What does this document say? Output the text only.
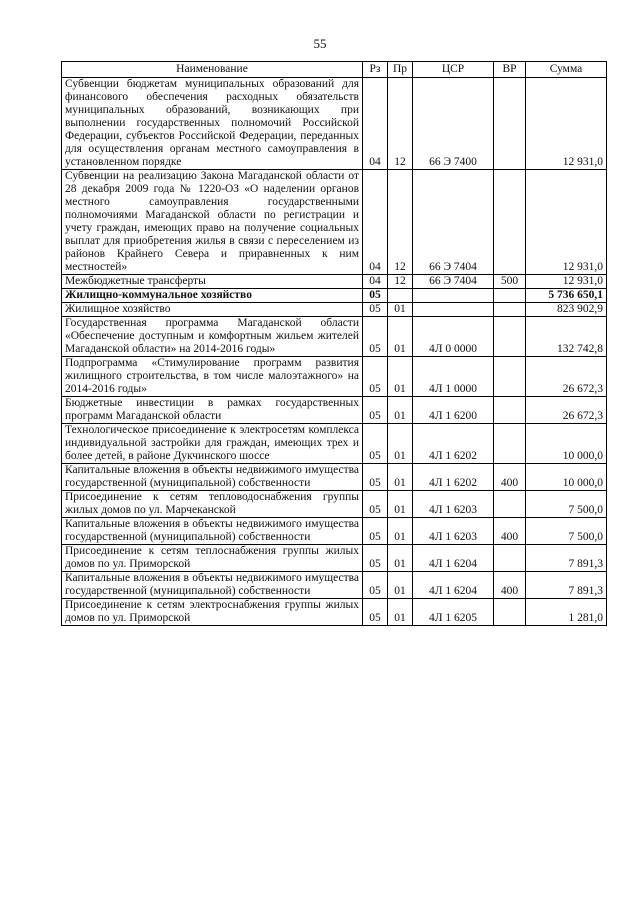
55
Наименование	Рз	Пр	ЦСР	ВР	Сумма
Субвенции бюджетам муниципальных образований для финансового обеспечения расходных обязательств муниципальных образований, возникающих при выполнении государственных полномочий Российской Федерации, субъектов Российской Федерации, переданных для осуществления органам местного самоуправления в установленном порядке	04	12	66 Э 7400		12 931,0
Субвенции на реализацию Закона Магаданской области от 28 декабря 2009 года № 1220-ОЗ «О наделении органов местного самоуправления государственными полномочиями Магаданской области по регистрации и учету граждан, имеющих право на получение социальных выплат для приобретения жилья в связи с переселением из районов Крайнего Севера и приравненных к ним местностей»	04	12	66 Э 7404		12 931,0
Межбюджетные трансферты	04	12	66 Э 7404	500	12 931,0
Жилищно-коммунальное хозяйство	05				5 736 650,1
Жилищное хозяйство	05	01			823 902,9
Государственная программа Магаданской области «Обеспечение доступным и комфортным жильем жителей Магаданской области» на 2014-2016 годы»	05	01	4Л 0 0000		132 742,8
Подпрограмма «Стимулирование программ развития жилищного строительства, в том числе малоэтажного» на 2014-2016 годы»	05	01	4Л 1 0000		26 672,3
Бюджетные инвестиции в рамках государственных программ Магаданской области	05	01	4Л 1 6200		26 672,3
Технологическое присоединение к электросетям комплекса индивидуальной застройки для граждан, имеющих трех и более детей, в районе Дукчинского шоссе	05	01	4Л 1 6202		10 000,0
Капитальные вложения в объекты недвижимого имущества государственной (муниципальной) собственности	05	01	4Л 1 6202	400	10 000,0
Присоединение к сетям тепловодоснабжения группы жилых домов по ул. Марчеканской	05	01	4Л 1 6203		7 500,0
Капитальные вложения в объекты недвижимого имущества государственной (муниципальной) собственности	05	01	4Л 1 6203	400	7 500,0
Присоединение к сетям теплоснабжения группы жилых домов по ул. Приморской	05	01	4Л 1 6204		7 891,3
Капитальные вложения в объекты недвижимого имущества государственной (муниципальной) собственности	05	01	4Л 1 6204	400	7 891,3
Присоединение к сетям электроснабжения группы жилых домов по ул. Приморской	05	01	4Л 1 6205		1 281,0
